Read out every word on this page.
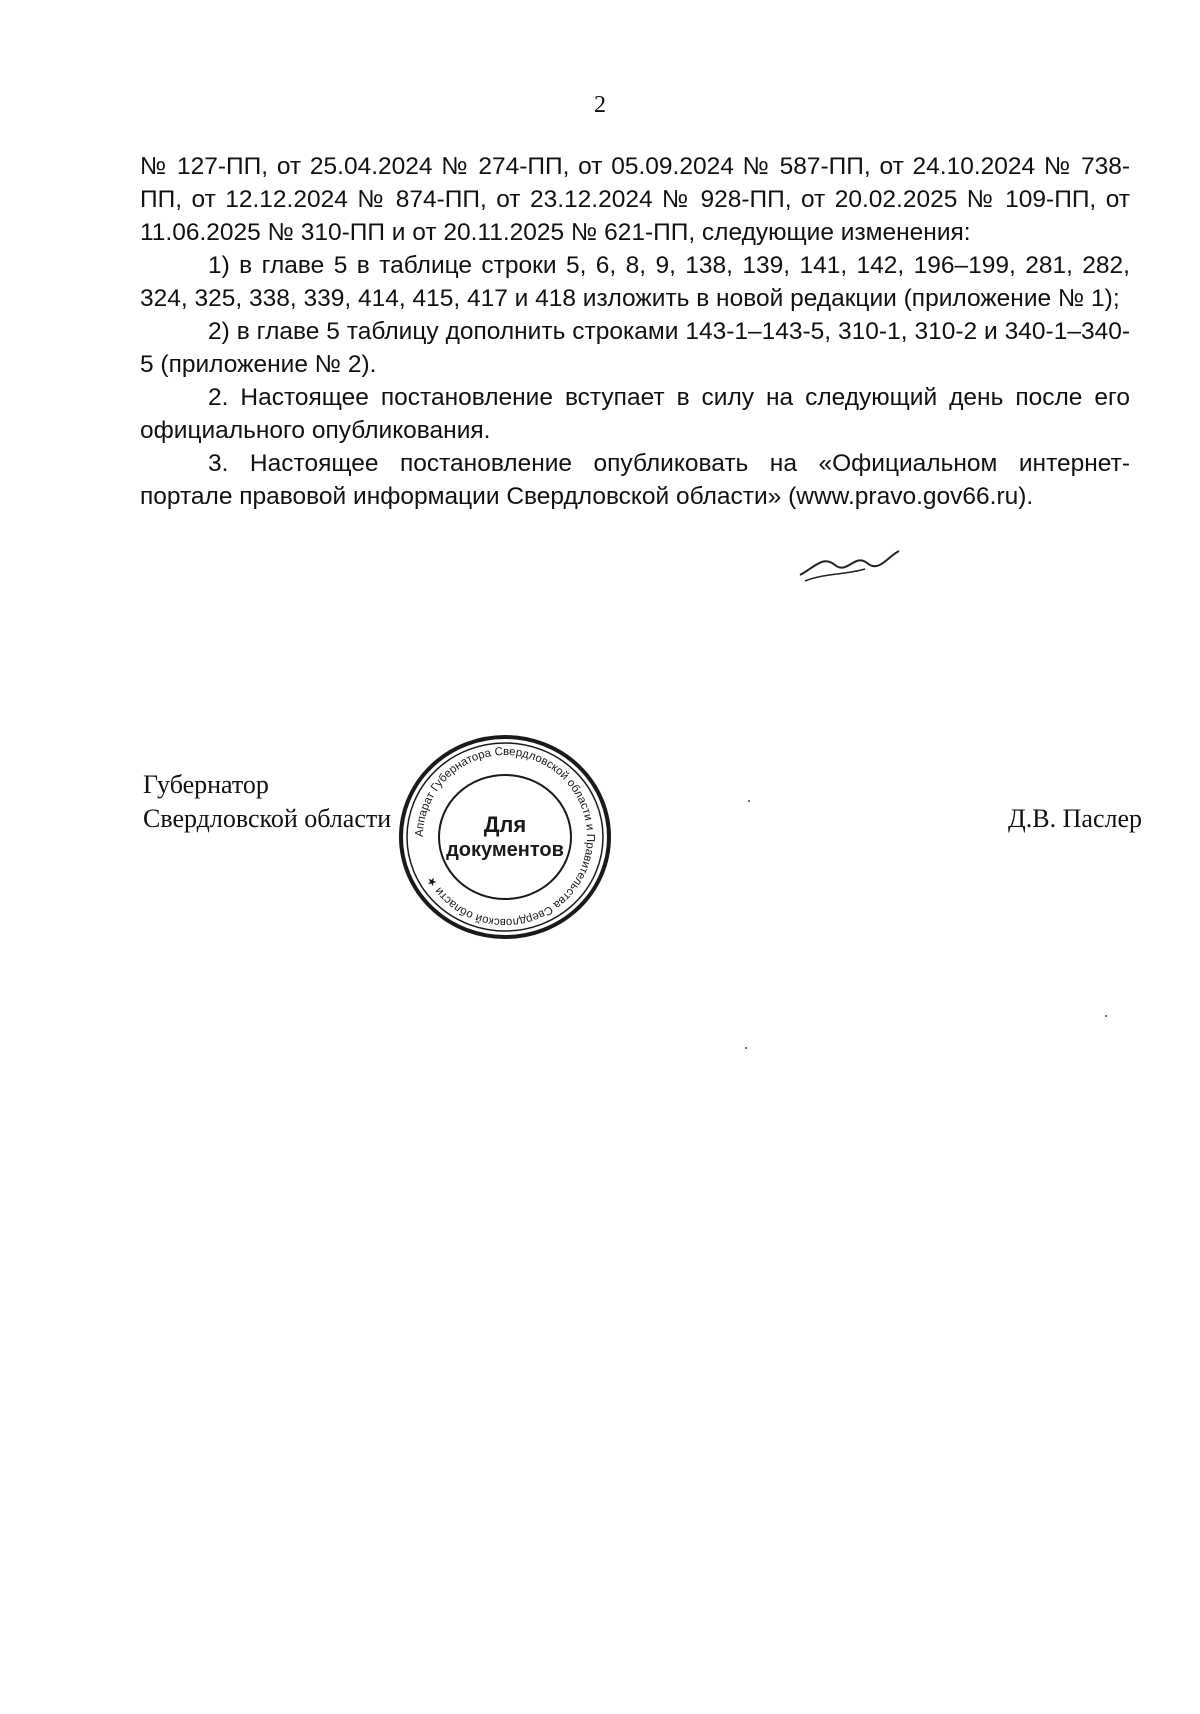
2

№ 127-ПП, от 25.04.2024 № 274-ПП, от 05.09.2024 № 587-ПП, от 24.10.2024 № 738-ПП, от 12.12.2024 № 874-ПП, от 23.12.2024 № 928-ПП, от 20.02.2025 № 109-ПП, от 11.06.2025 № 310-ПП и от 20.11.2025 № 621-ПП, следующие изменения:

1) в главе 5 в таблице строки 5, 6, 8, 9, 138, 139, 141, 142, 196–199, 281, 282, 324, 325, 338, 339, 414, 415, 417 и 418 изложить в новой редакции (приложение № 1);

2) в главе 5 таблицу дополнить строками 143-1–143-5, 310-1, 310-2 и 340-1–340-5 (приложение № 2).

2. Настоящее постановление вступает в силу на следующий день после его официального опубликования.

3. Настоящее постановление опубликовать на «Официальном интернет-портале правовой информации Свердловской области» (www.pravo.gov66.ru).

Губернатор
Свердловской области	Д.В. Паслер
Аппарат Губернатора Свердловской области и Правительства Свердловской области ★
Для
документов
